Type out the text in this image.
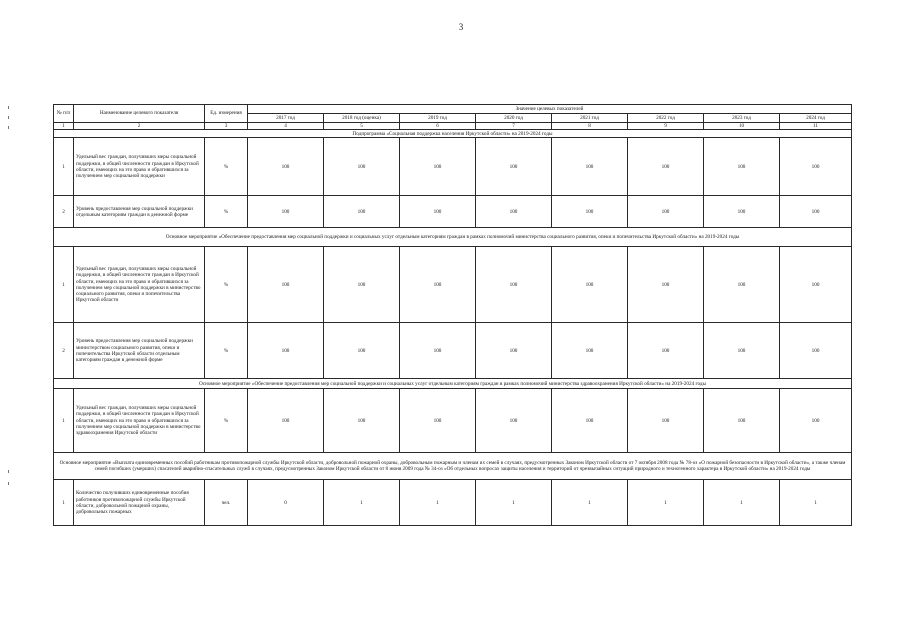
3
№ п/п	Наименование целевого показателя	Ед. измерения	Значение целевых показателей							
			2017 год	2018 год (оценка)	2019 год	2020 год	2021 год	2022 год	2023 год	2024 год
1	2	3	4	5	6	7	8	9	10	11
Подпрограмма «Социальная поддержка населения Иркутской области» на 2019-2024 годы										
1	Удельный вес граждан, получивших меры социальной поддержки, в общей численности граждан в Иркутской области, имеющих на это право и обратившихся за получением мер социальной поддержки	%	100	100	100	100	100	100	100	100
2	Уровень предоставления мер социальной поддержки отдельным категориям граждан в денежной форме	%	100	100	100	100	100	100	100	100
Основное мероприятие «Обеспечение предоставления мер социальной поддержки и социальных услуг отдельным категориям граждан в рамках полномочий министерства социального развития, опеки и попечительства Иркутской области» на 2019-2024 годы										
1	Удельный вес граждан, получивших меры социальной поддержки, в общей численности граждан в Иркутской области, имеющих на это право и обратившихся за получением мер социальной поддержки в министерство социального развития, опеки и попечительства Иркутской области	%	100	100	100	100	100	100	100	100
2	Уровень предоставления мер социальной поддержки министерством социального развития, опеки и попечительства Иркутской области отдельным категориям граждан в денежной форме	%	100	100	100	100	100	100	100	100
Основное мероприятие «Обеспечение предоставления мер социальной поддержки и социальных услуг отдельным категориям граждан в рамках полномочий министерства здравоохранения Иркутской области» на 2019-2024 годы										
1	Удельный вес граждан, получивших меры социальной поддержки, в общей численности граждан в Иркутской области, имеющих на это право и обратившихся за получением мер социальной поддержки в министерство здравоохранения Иркутской области	%	100	100	100	100	100	100	100	100
Основное мероприятие «Выплата единовременных пособий работникам противопожарной службы Иркутской области, добровольной пожарной охраны, добровольным пожарным и членам их семей в случаях, предусмотренных Законом Иркутской области от 7 октября 2008 года № 78-оз «О пожарной безопасности в Иркутской области», а также членам семей погибших (умерших) спасателей аварийно-спасательных служб в случаях, предусмотренных Законом Иркутской области от 8 июня 2009 года № 34-оз «Об отдельных вопросах защиты населения и территорий от чрезвычайных ситуаций природного и техногенного характера в Иркутской области» на 2019-2024 годы										
1	Количество получивших единовременные пособия работников противопожарной службы Иркутской области, добровольной пожарной охраны, добровольных пожарных	чел.	0	1	1	1	1	1	1	1
